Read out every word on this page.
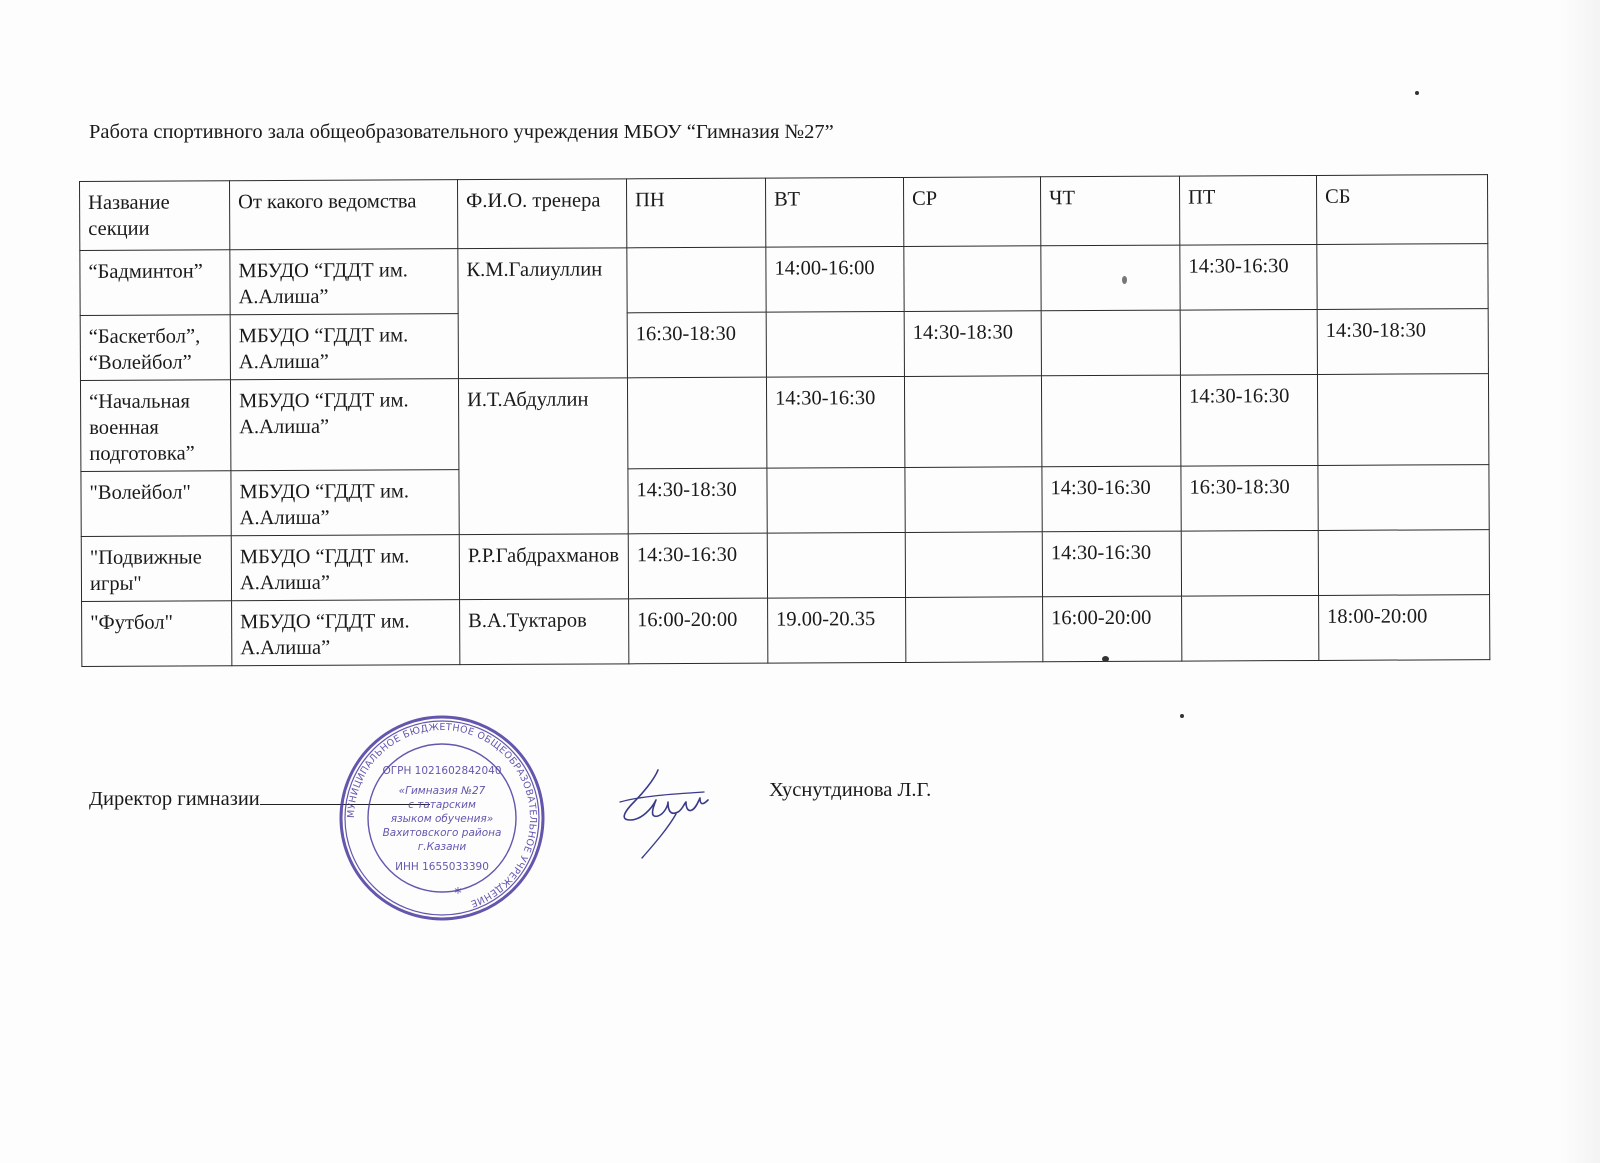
Работа спортивного зала общеобразовательного учреждения МБОУ “Гимназия №27”
Название секции	От какого ведомства	Ф.И.О. тренера	ПН	ВТ	СР	ЧТ	ПТ	СБ
“Бадминтон”	МБУДО “ГДДТ им. А.Алиша”	К.М.Галиуллин		14:00-16:00			14:30-16:30	
“Баскетбол”, “Волейбол”	МБУДО “ГДДТ им. А.Алиша”		16:30-18:30		14:30-18:30			14:30-18:30
“Начальная военная подготовка”	МБУДО “ГДДТ им. А.Алиша”	И.Т.Абдуллин		14:30-16:30			14:30-16:30	
"Волейбол"	МБУДО “ГДДТ им. А.Алиша”		14:30-18:30			14:30-16:30	16:30-18:30	
"Подвижные игры"	МБУДО “ГДДТ им. А.Алиша”	Р.Р.Габдрахманов	14:30-16:30			14:30-16:30		
"Футбол"	МБУДО “ГДДТ им. А.Алиша”	В.А.Туктаров	16:00-20:00	19.00-20.35		16:00-20:00		18:00-20:00
Директор гимназии
МУНИЦИПАЛЬНОЕ БЮДЖЕТНОЕ ОБЩЕОБРАЗОВАТЕЛЬНОЕ УЧРЕЖДЕНИЕ
ОГРН 1021602842040
«Гимназия №27
с татарским
языком обучения»
Вахитовского района
г.Казани
ИНН 1655033390
*
Хуснутдинова Л.Г.
